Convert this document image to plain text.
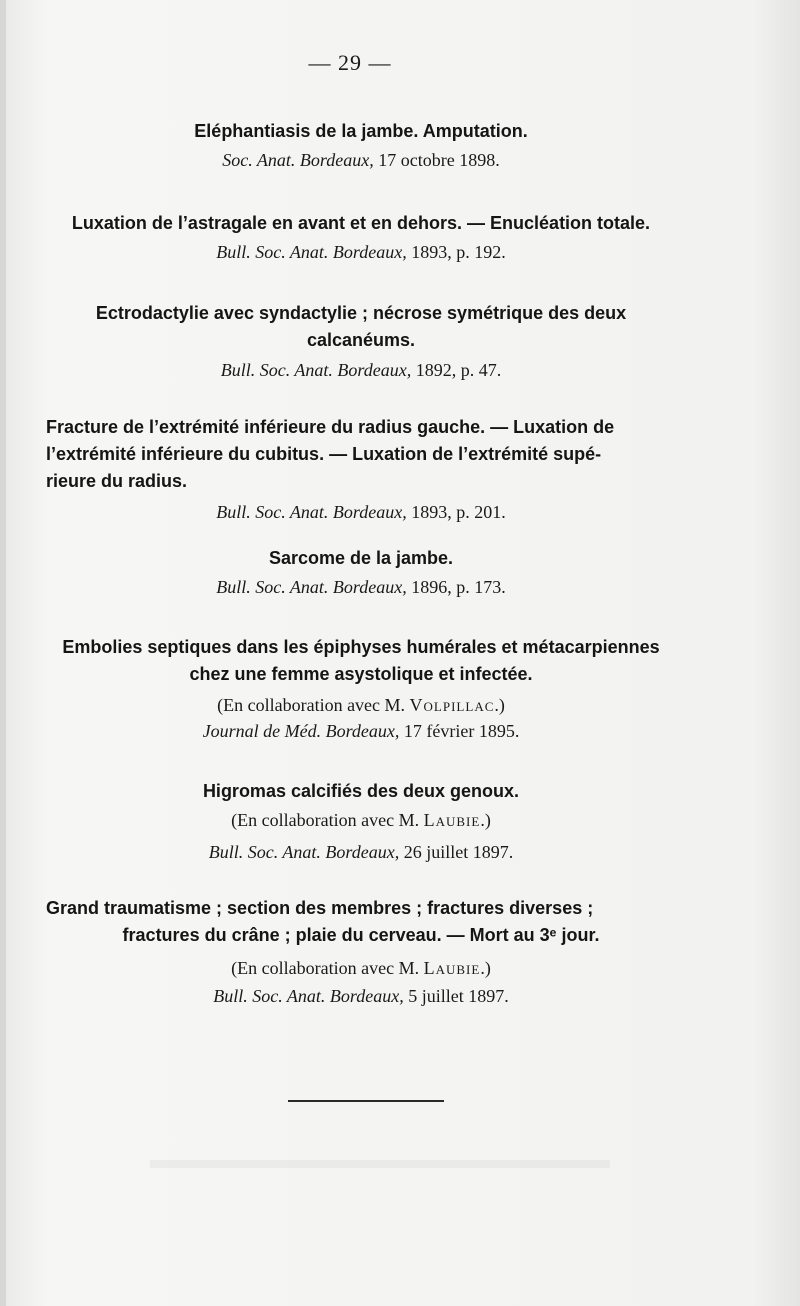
— 29 —
Eléphantiasis de la jambe. Amputation.
Soc. Anat. Bordeaux, 17 octobre 1898.
Luxation de l’astragale en avant et en dehors. — Enucléation totale.
Bull. Soc. Anat. Bordeaux, 1893, p. 192.
Ectrodactylie avec syndactylie ; nécrose symétrique des deux
calcanéums.
Bull. Soc. Anat. Bordeaux, 1892, p. 47.
Fracture de l’extrémité inférieure du radius gauche. — Luxation de
l’extrémité inférieure du cubitus. — Luxation de l’extrémité supé-
rieure du radius.
Bull. Soc. Anat. Bordeaux, 1893, p. 201.
Sarcome de la jambe.
Bull. Soc. Anat. Bordeaux, 1896, p. 173.
Embolies septiques dans les épiphyses humérales et métacarpiennes
chez une femme asystolique et infectée.
(En collaboration avec M. Volpillac.)
Journal de Méd. Bordeaux, 17 février 1895.
Higromas calcifiés des deux genoux.
(En collaboration avec M. Laubie.)
Bull. Soc. Anat. Bordeaux, 26 juillet 1897.
Grand traumatisme ; section des membres ; fractures diverses ;
fractures du crâne ; plaie du cerveau. — Mort au 3ᵉ jour.
(En collaboration avec M. Laubie.)
Bull. Soc. Anat. Bordeaux, 5 juillet 1897.
